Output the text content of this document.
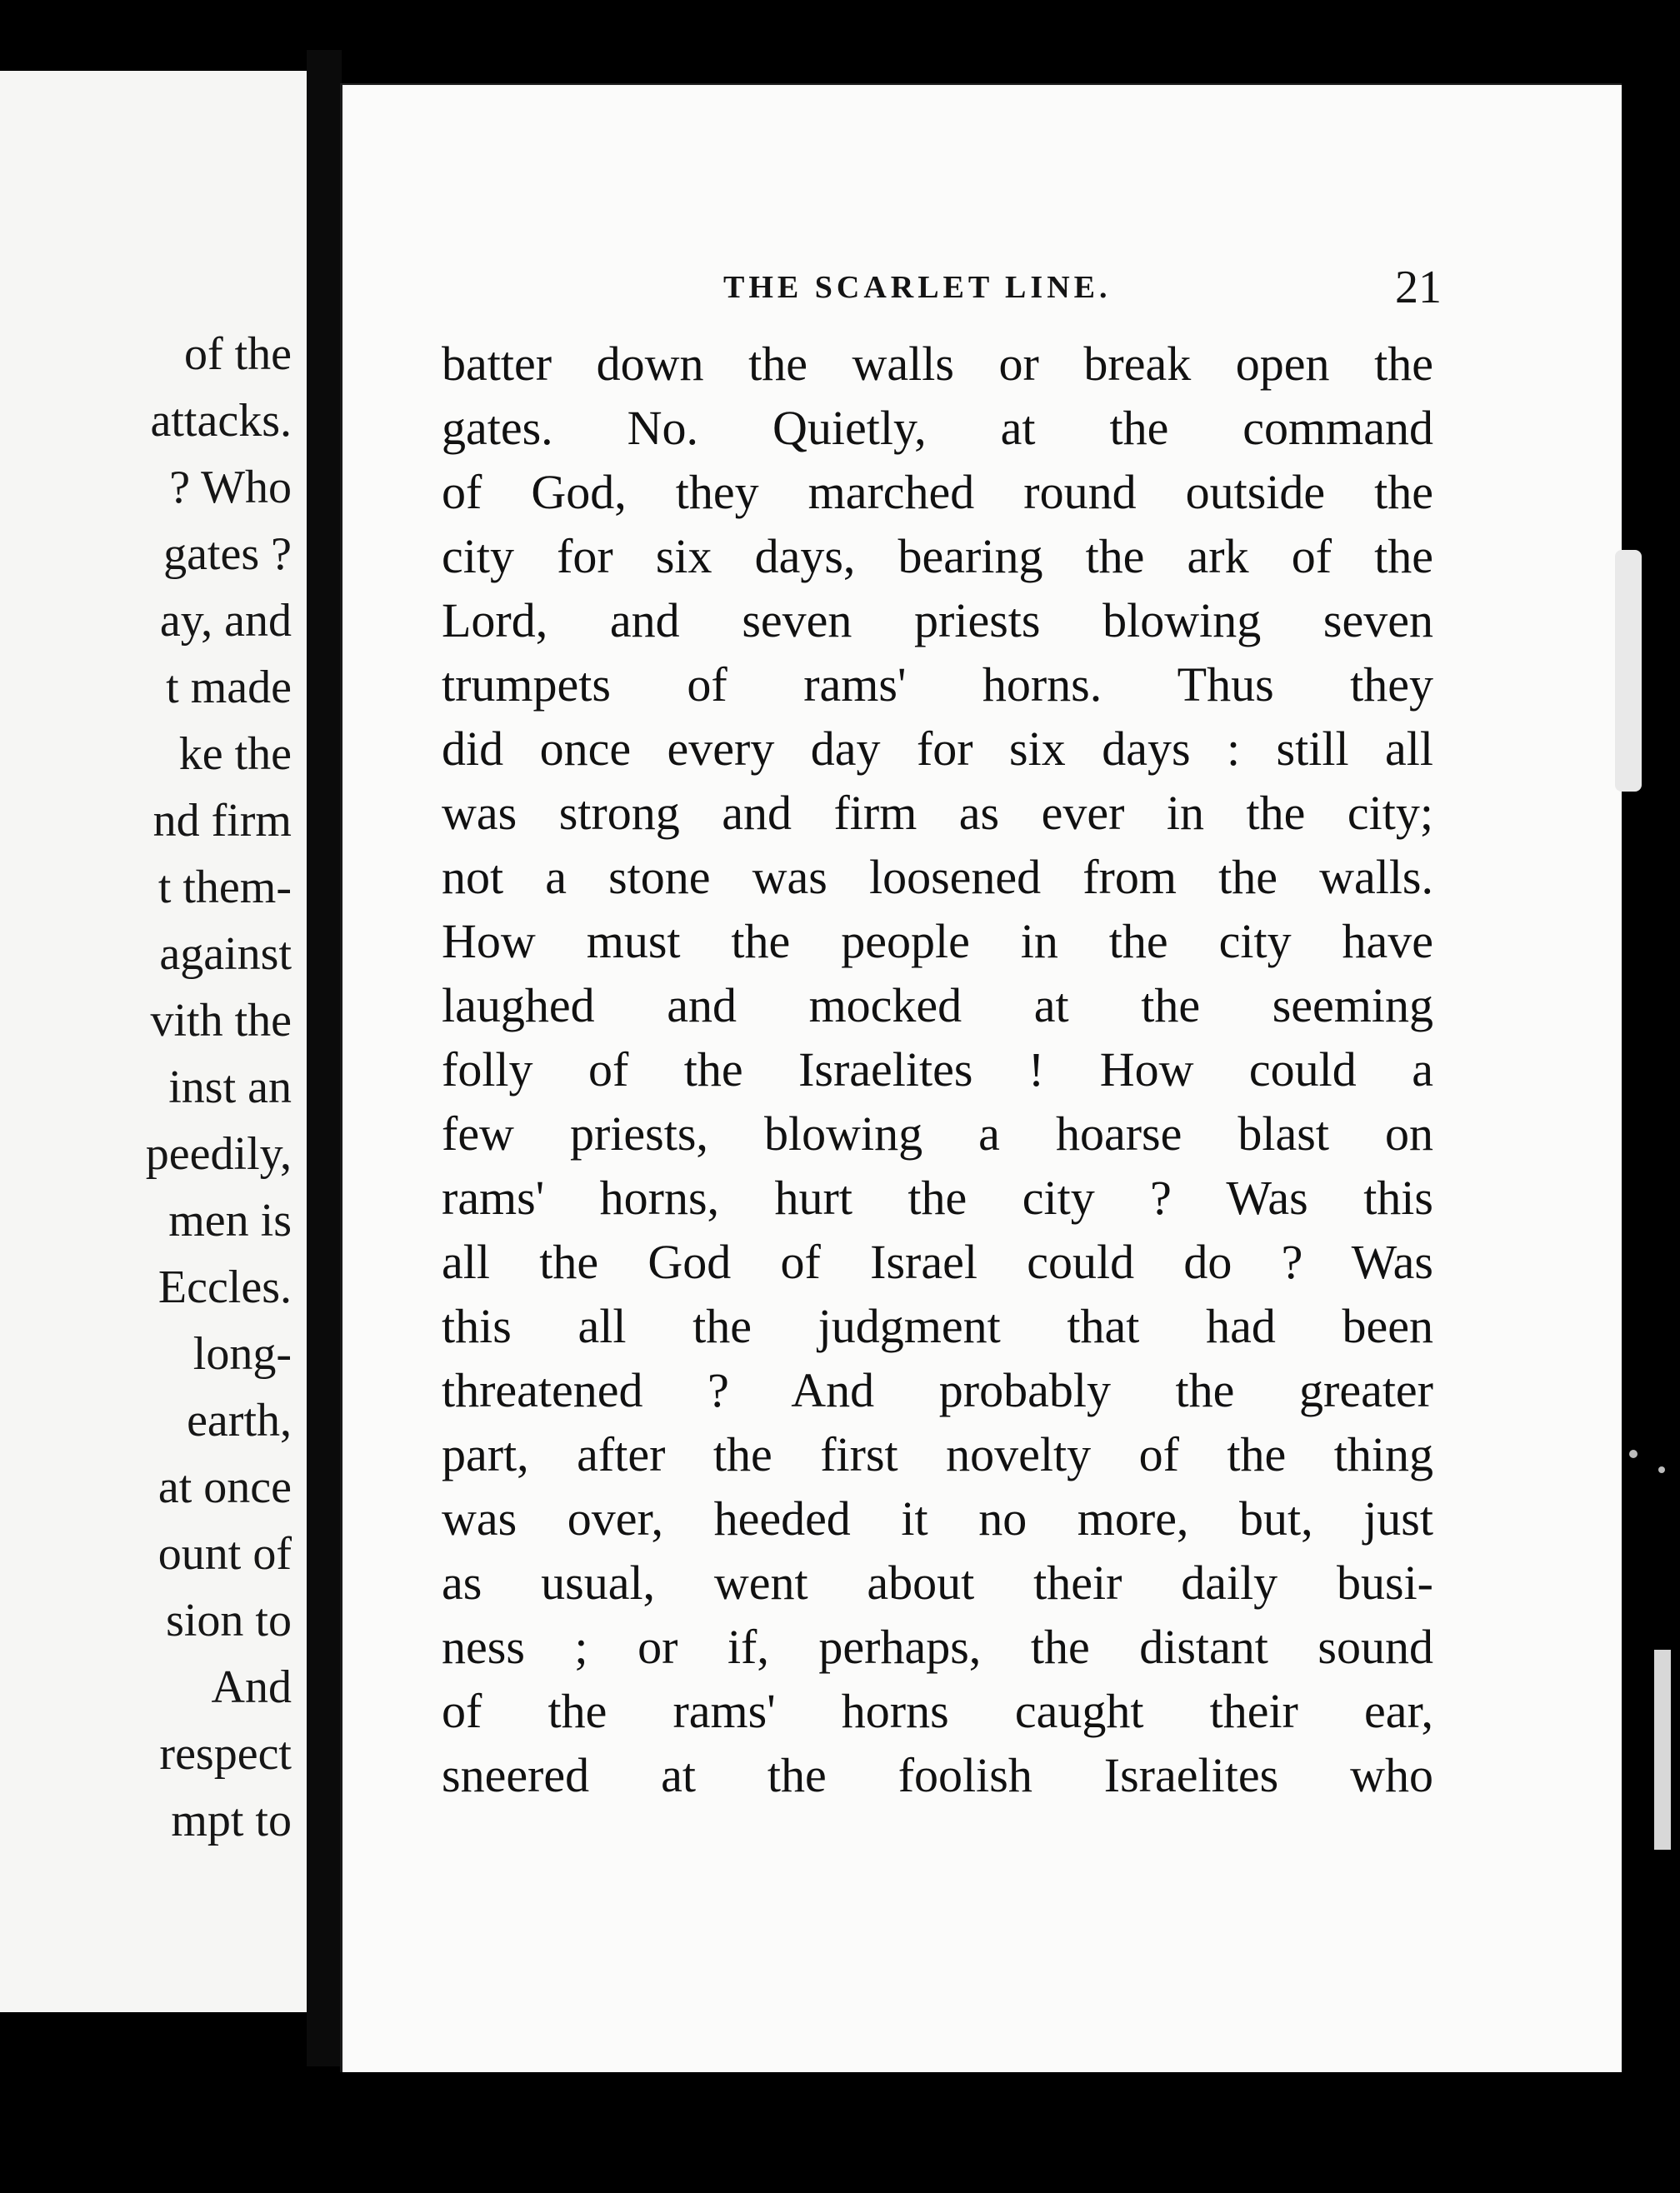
of the
attacks.
? Who
gates ?
ay, and
t made
ke the
nd firm
t them-
against
vith the
inst an
peedily,
men is
Eccles.
long-
earth,
at once
ount of
sion to
And
respect
mpt to
THE SCARLET LINE.	21
batter down the walls or break open the
gates. No. Quietly, at the command
of God, they marched round outside the
city for six days, bearing the ark of the
Lord, and seven priests blowing seven
trumpets of rams' horns. Thus they
did once every day for six days : still all
was strong and firm as ever in the city;
not a stone was loosened from the walls.
How must the people in the city have
laughed and mocked at the seeming
folly of the Israelites ! How could a
few priests, blowing a hoarse blast on
rams' horns, hurt the city ? Was this
all the God of Israel could do ? Was
this all the judgment that had been
threatened ? And probably the greater
part, after the first novelty of the thing
was over, heeded it no more, but, just
as usual, went about their daily busi-
ness ; or if, perhaps, the distant sound
of the rams' horns caught their ear,
sneered at the foolish Israelites who
